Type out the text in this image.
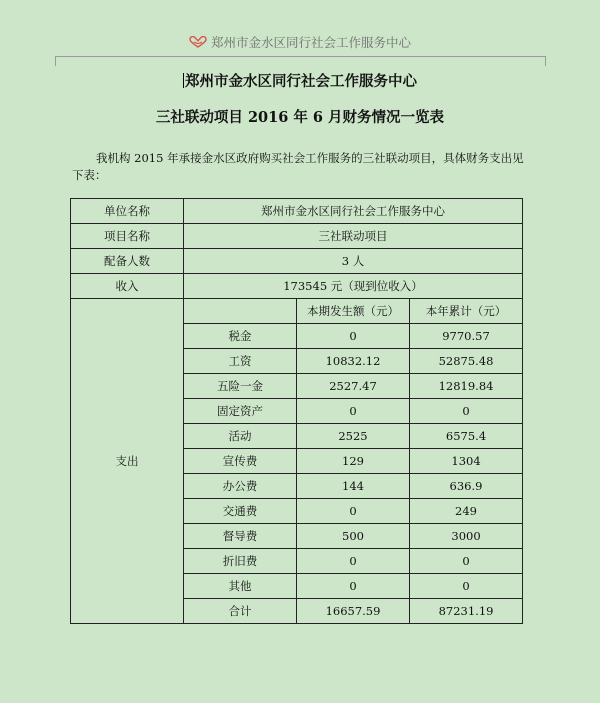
郑州市金水区同行社会工作服务中心
郑州市金水区同行社会工作服务中心
三社联动项目 2016 年 6 月财务情况一览表
我机构 2015 年承接金水区政府购买社会工作服务的三社联动项目，具体财务支出见下表：
单位名称	郑州市金水区同行社会工作服务中心		
项目名称	三社联动项目		
配备人数	3 人		
收入	173545 元（现到位收入）		
支出		本期发生额（元）	本年累计（元）
	税金	0	9770.57
	工资	10832.12	52875.48
	五险一金	2527.47	12819.84
	固定资产	0	0
	活动	2525	6575.4
	宣传费	129	1304
	办公费	144	636.9
	交通费	0	249
	督导费	500	3000
	折旧费	0	0
	其他	0	0
	合计	16657.59	87231.19
